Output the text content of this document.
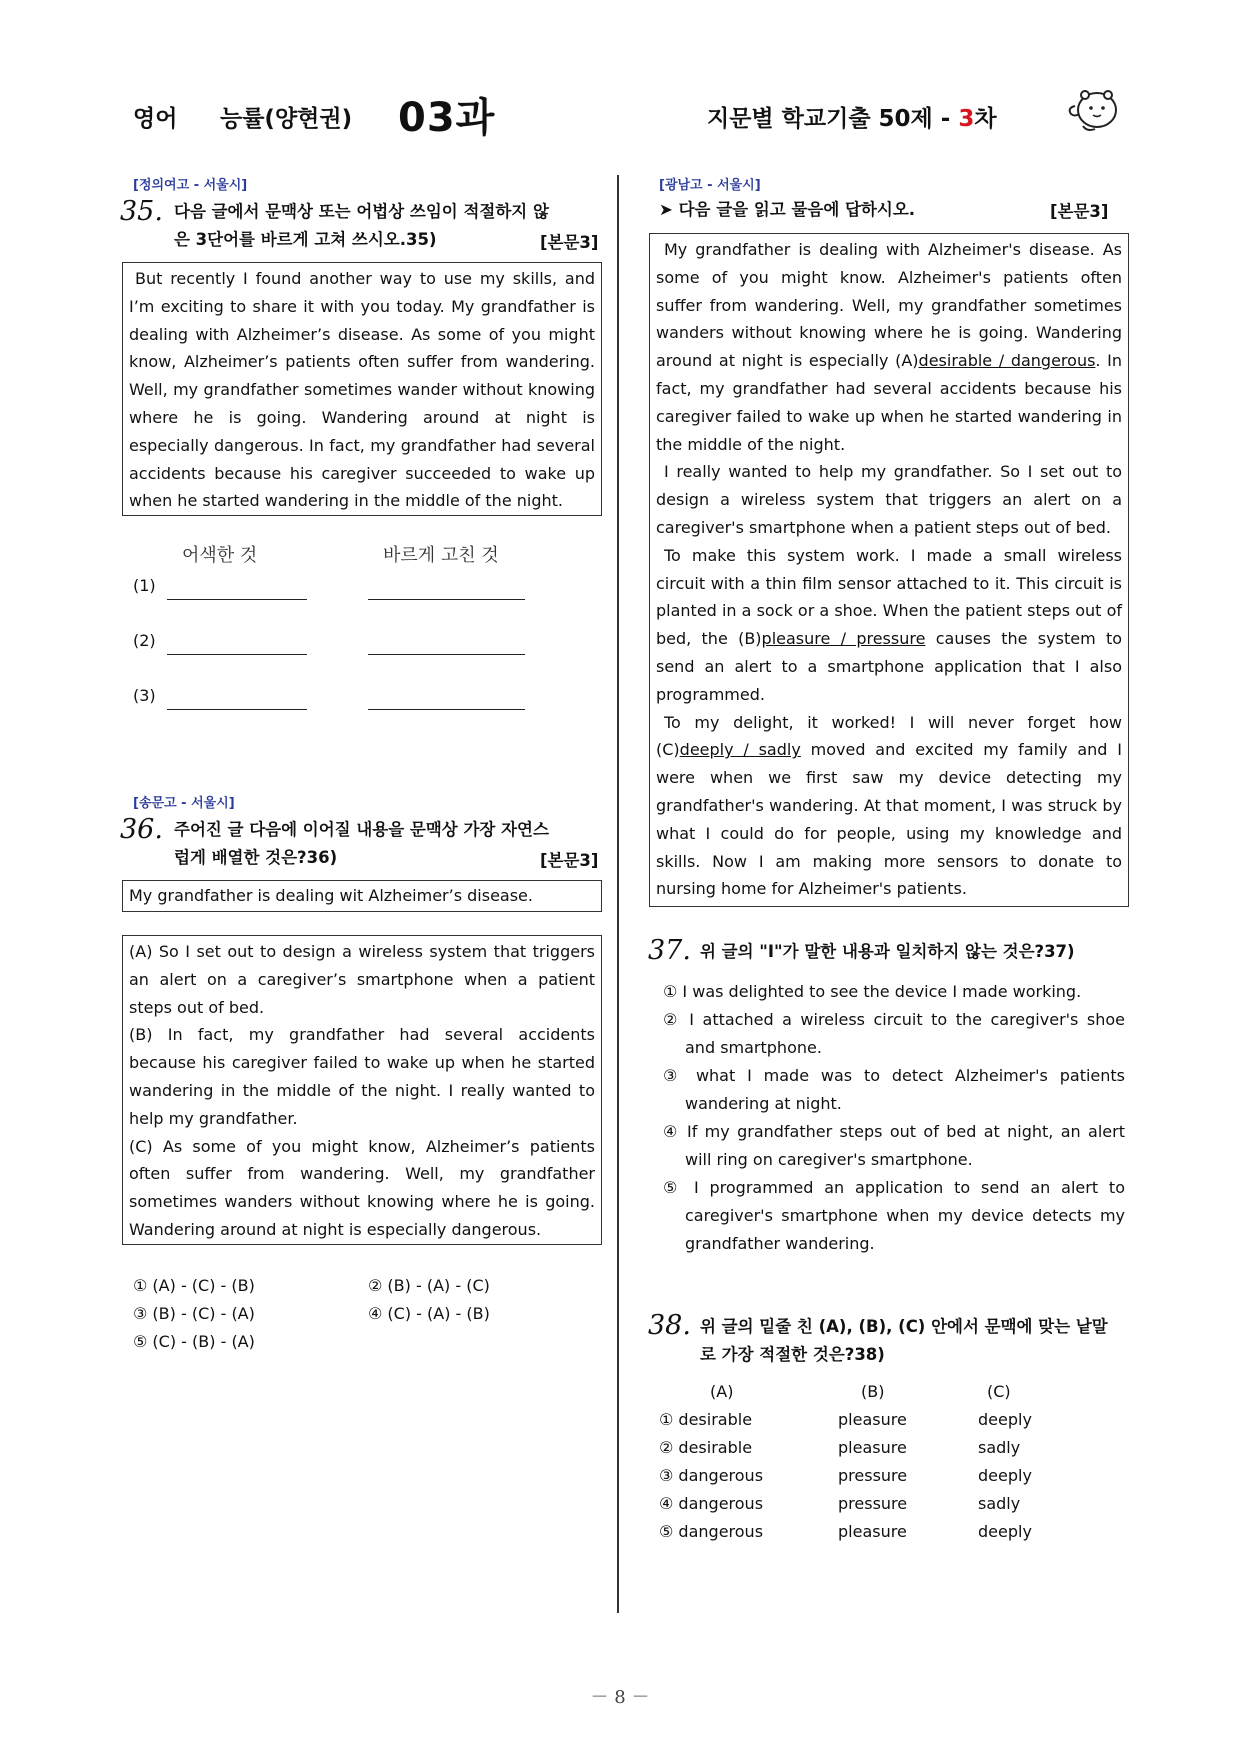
영어 능률(양현권) 03과	지문별 학교기출 50제 - 3차
[정의여고 - 서울시]
35. 다음 글에서 문맥상 또는 어법상 쓰임이 적절하지 않
은 3단어를 바르게 고쳐 쓰시오.35)	[본문3]

But recently I found another way to use my skills, and I’m exciting to share it with you today. My grandfather is dealing with Alzheimer’s disease. As some of you might know, Alzheimer’s patients often suffer from wandering. Well, my grandfather sometimes wander without knowing where he is going. Wandering around at night is especially dangerous. In fact, my grandfather had several accidents because his caregiver succeeded to wake up when he started wandering in the middle of the night.

어색한 것	바르게 고친 것
(1)
(2)
(3)
[송문고 - 서울시]
36. 주어진 글 다음에 이어질 내용을 문맥상 가장 자연스
럽게 배열한 것은?36)	[본문3]

My grandfather is dealing wit Alzheimer’s disease.

(A) So I set out to design a wireless system that triggers an alert on a caregiver’s smartphone when a patient steps out of bed.

(B) In fact, my grandfather had several accidents because his caregiver failed to wake up when he started wandering in the middle of the night. I really wanted to help my grandfather.

(C) As some of you might know, Alzheimer’s patients often suffer from wandering. Well, my grandfather sometimes wanders without knowing where he is going. Wandering around at night is especially dangerous.

① (A) - (C) - (B)	② (B) - (A) - (C)
③ (B) - (C) - (A)	④ (C) - (A) - (B)
⑤ (C) - (B) - (A)
[광남고 - 서울시]
➤ 다음 글을 읽고 물음에 답하시오.	[본문3]

My grandfather is dealing with Alzheimer's disease. As some of you might know. Alzheimer's patients often suffer from wandering. Well, my grandfather sometimes wanders without knowing where he is going. Wandering around at night is especially (A)desirable / dangerous. In fact, my grandfather had several accidents because his caregiver failed to wake up when he started wandering in the middle of the night.

I really wanted to help my grandfather. So I set out to design a wireless system that triggers an alert on a caregiver's smartphone when a patient steps out of bed.

To make this system work. I made a small wireless circuit with a thin film sensor attached to it. This circuit is planted in a sock or a shoe. When the patient steps out of bed, the (B)pleasure / pressure causes the system to send an alert to a smartphone application that I also programmed.

To my delight, it worked! I will never forget how (C)deeply / sadly moved and excited my family and I were when we first saw my device detecting my grandfather's wandering. At that moment, I was struck by what I could do for people, using my knowledge and skills. Now I am making more sensors to donate to nursing home for Alzheimer's patients.

37. 위 글의 "I"가 말한 내용과 일치하지 않는 것은?37)
① I was delighted to see the device I made working.
② I attached a wireless circuit to the caregiver's shoe and smartphone.
③ what I made was to detect Alzheimer's patients wandering at night.
④ If my grandfather steps out of bed at night, an alert will ring on caregiver's smartphone.
⑤ I programmed an application to send an alert to caregiver's smartphone when my device detects my grandfather wandering.
38. 위 글의 밑줄 친 (A), (B), (C) 안에서 문맥에 맞는 낱말
로 가장 적절한 것은?38)
(A)	(B)	(C)
① desirable	pleasure	deeply
② desirable	pleasure	sadly
③ dangerous	pressure	deeply
④ dangerous	pressure	sadly
⑤ dangerous	pleasure	deeply
－ 8 －
